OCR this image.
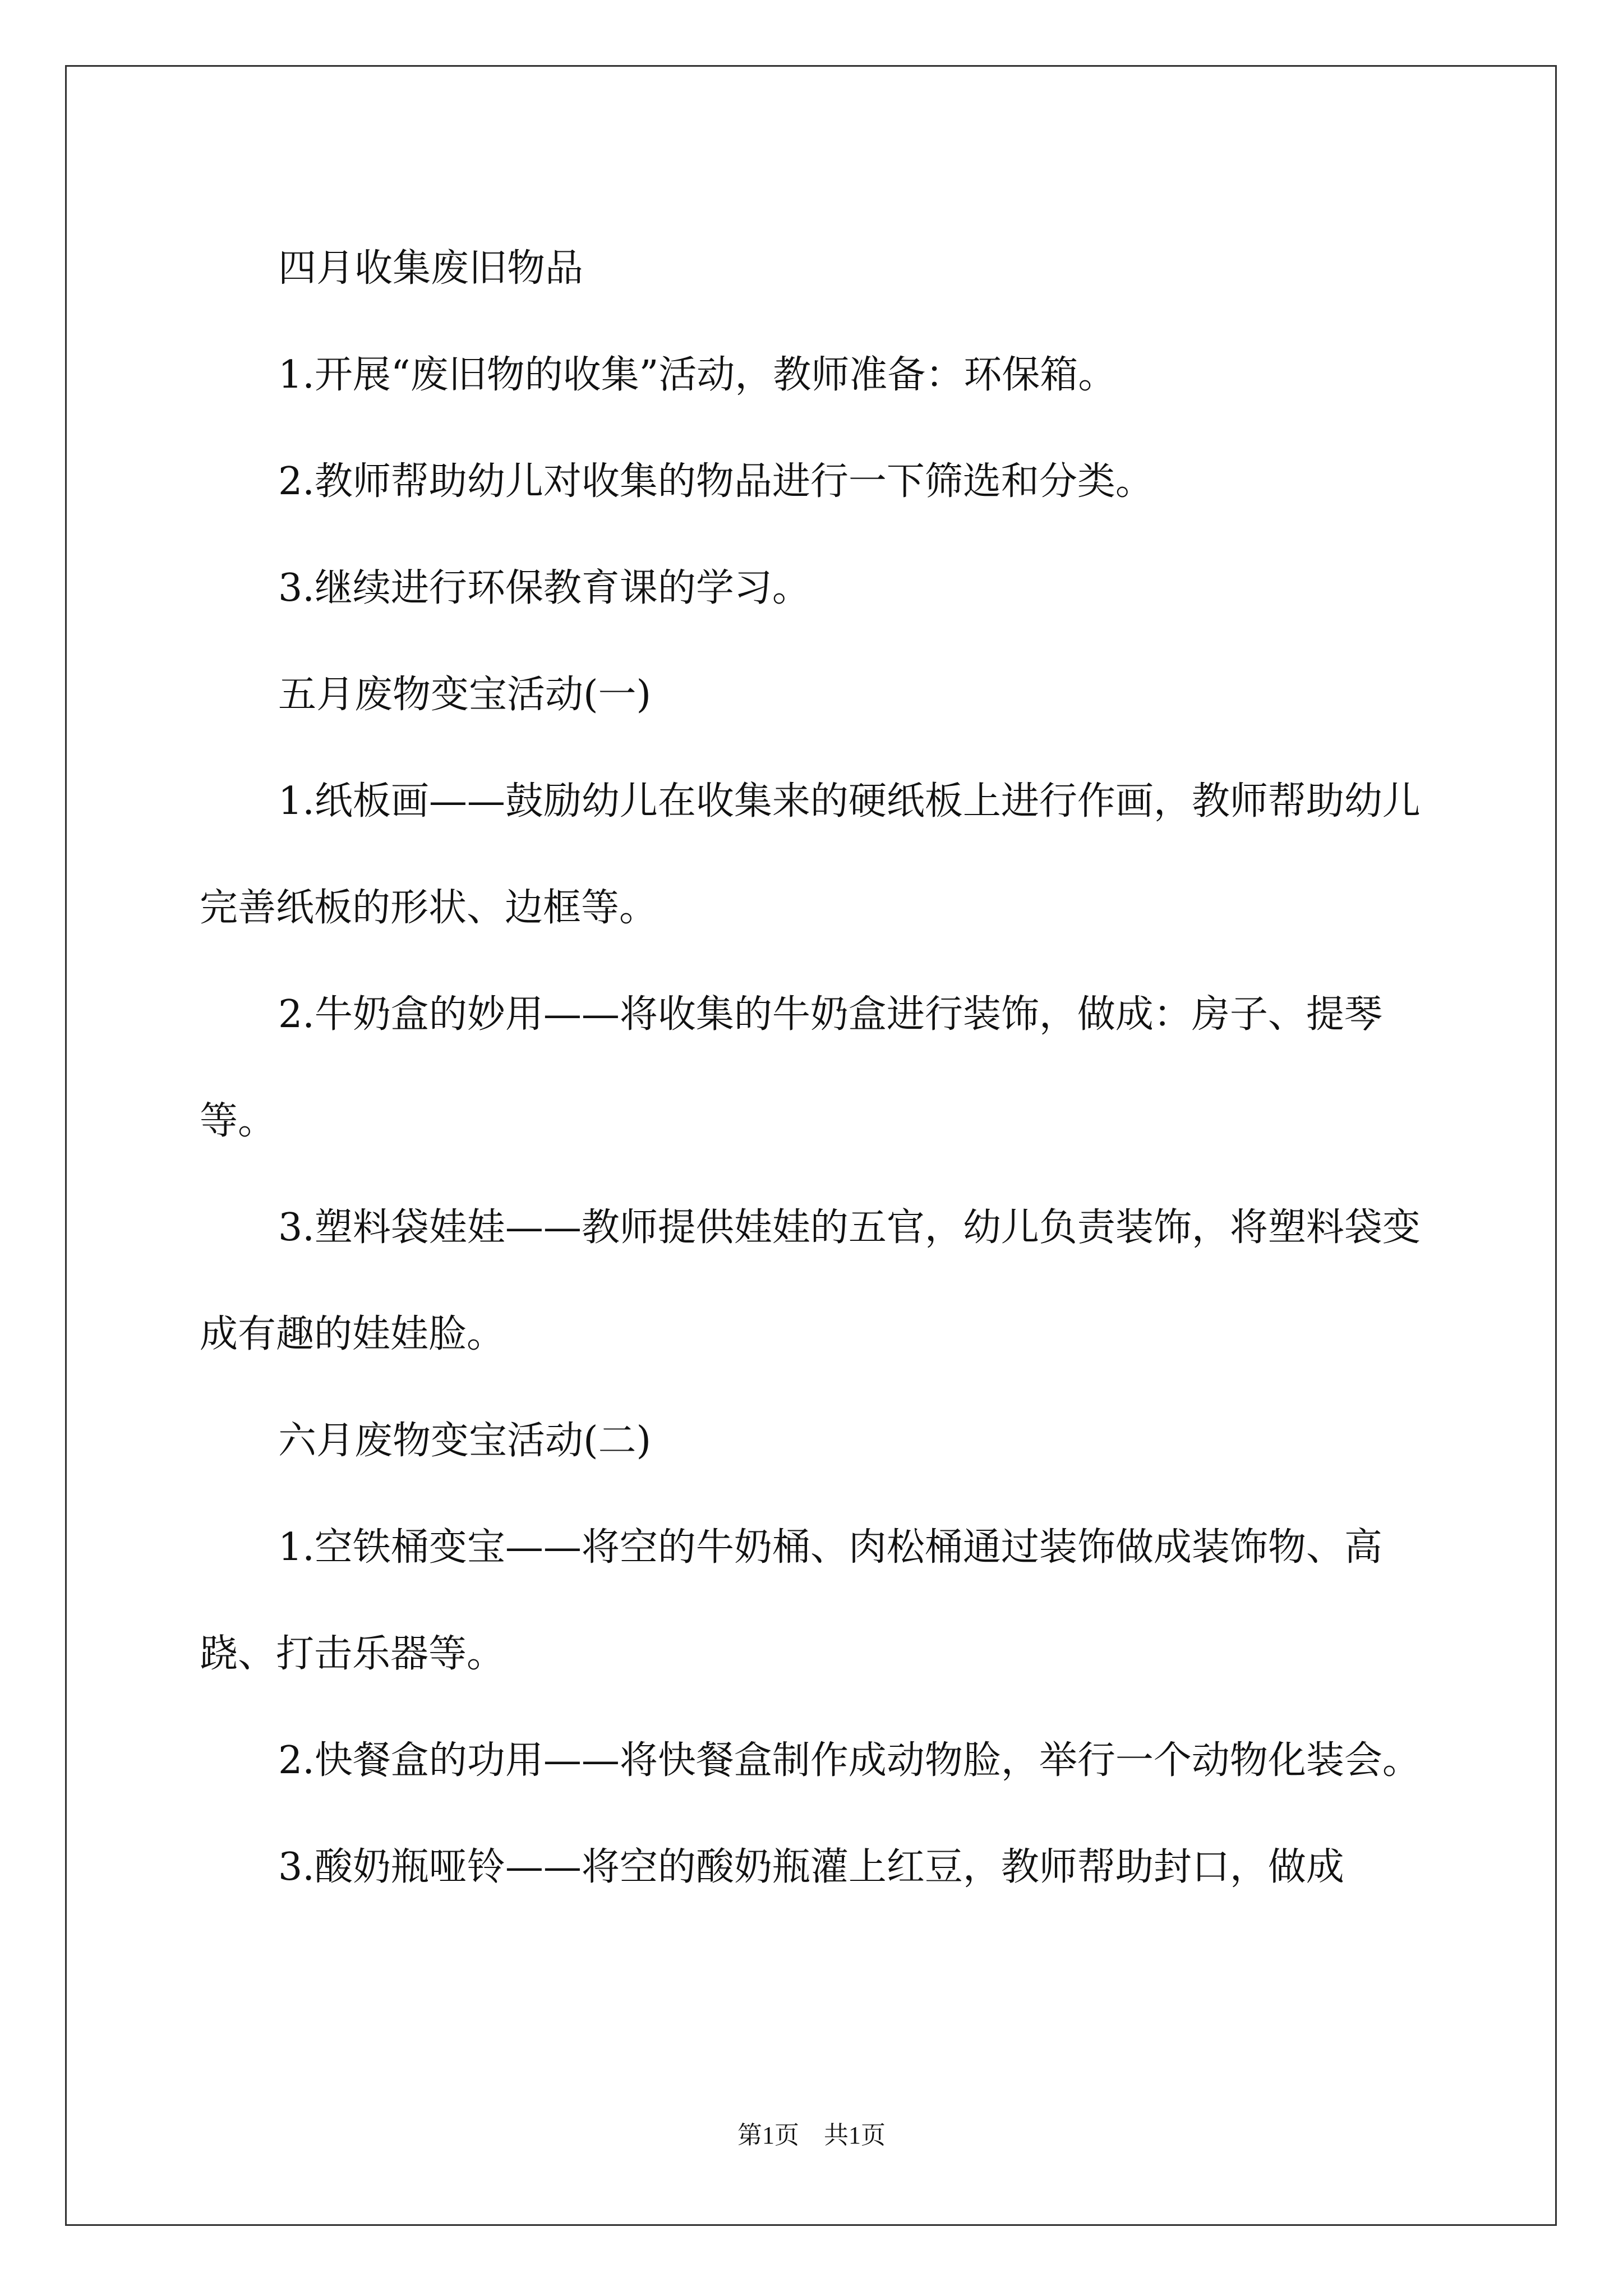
四月收集废旧物品

1.开展“废旧物的收集”活动，教师准备：环保箱。

2.教师帮助幼儿对收集的物品进行一下筛选和分类。

3.继续进行环保教育课的学习。

五月废物变宝活动(一)

1.纸板画——鼓励幼儿在收集来的硬纸板上进行作画，教师帮助幼儿完善纸板的形状、边框等。

2.牛奶盒的妙用——将收集的牛奶盒进行装饰，做成：房子、提琴等。

3.塑料袋娃娃——教师提供娃娃的五官，幼儿负责装饰，将塑料袋变成有趣的娃娃脸。

六月废物变宝活动(二)

1.空铁桶变宝——将空的牛奶桶、肉松桶通过装饰做成装饰物、高跷、打击乐器等。

2.快餐盒的功用——将快餐盒制作成动物脸，举行一个动物化装会。

3.酸奶瓶哑铃——将空的酸奶瓶灌上红豆，教师帮助封口，做成

第1页　共1页
